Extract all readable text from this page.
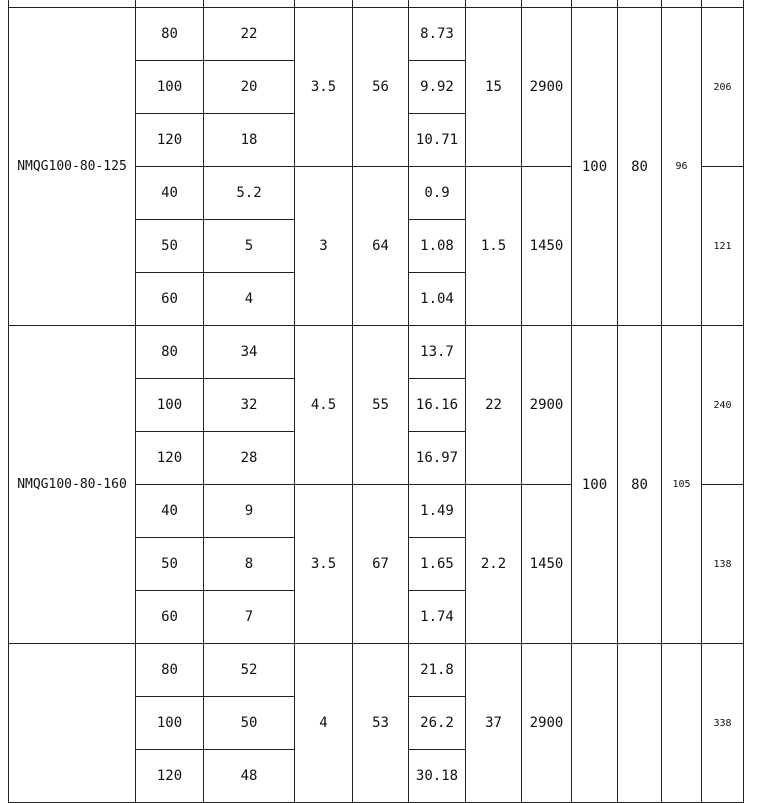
NMQG100-80-125	80	22	3.5	56	8.73	15	2900	100	80	96	206
	100	20			9.92						
	120	18			10.71						
	40	5.2	3	64	0.9	1.5	1450				121
	50	5			1.08						
	60	4			1.04						
NMQG100-80-160	80	34	4.5	55	13.7	22	2900	100	80	105	240
	100	32			16.16						
	120	28			16.97						
	40	9	3.5	67	1.49	2.2	1450				138
	50	8			1.65						
	60	7			1.74						
	80	52	4	53	21.8	37	2900				338
	100	50			26.2						
	120	48			30.18						
